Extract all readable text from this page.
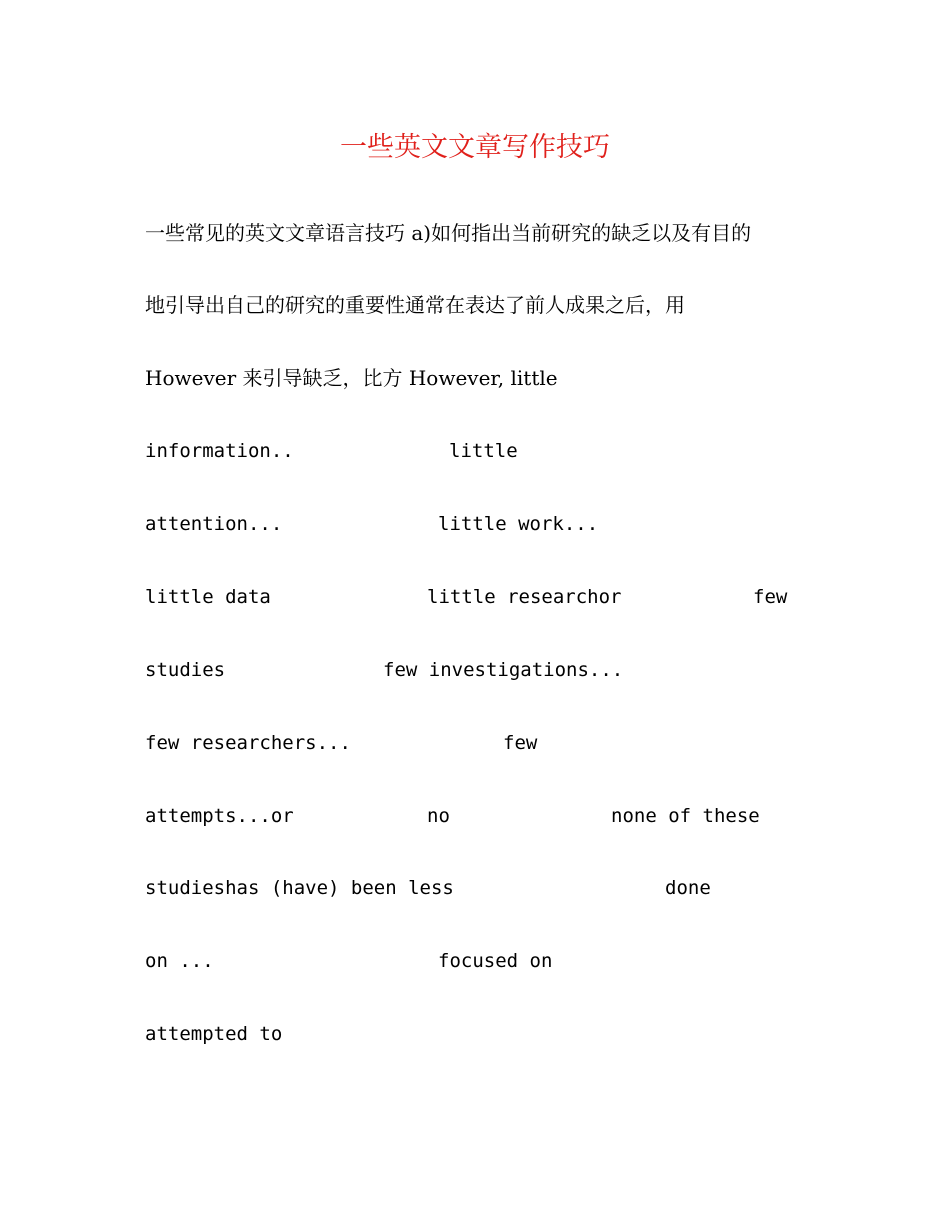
一些英文文章写作技巧
一些常见的英文文章语言技巧 a)如何指出当前研究的缺乏以及有目的
地引导出自己的研究的重要性通常在表达了前人成果之后，用
However 来引导缺乏，比方 However, little

information..

	little

attention...

	little work...

little data

	little researchor

	few

studies

	few investigations...

few researchers...

	few

attempts...or

	no

	none of these

studieshas (have) been less

	done

on ...

	focused on

attempted to
